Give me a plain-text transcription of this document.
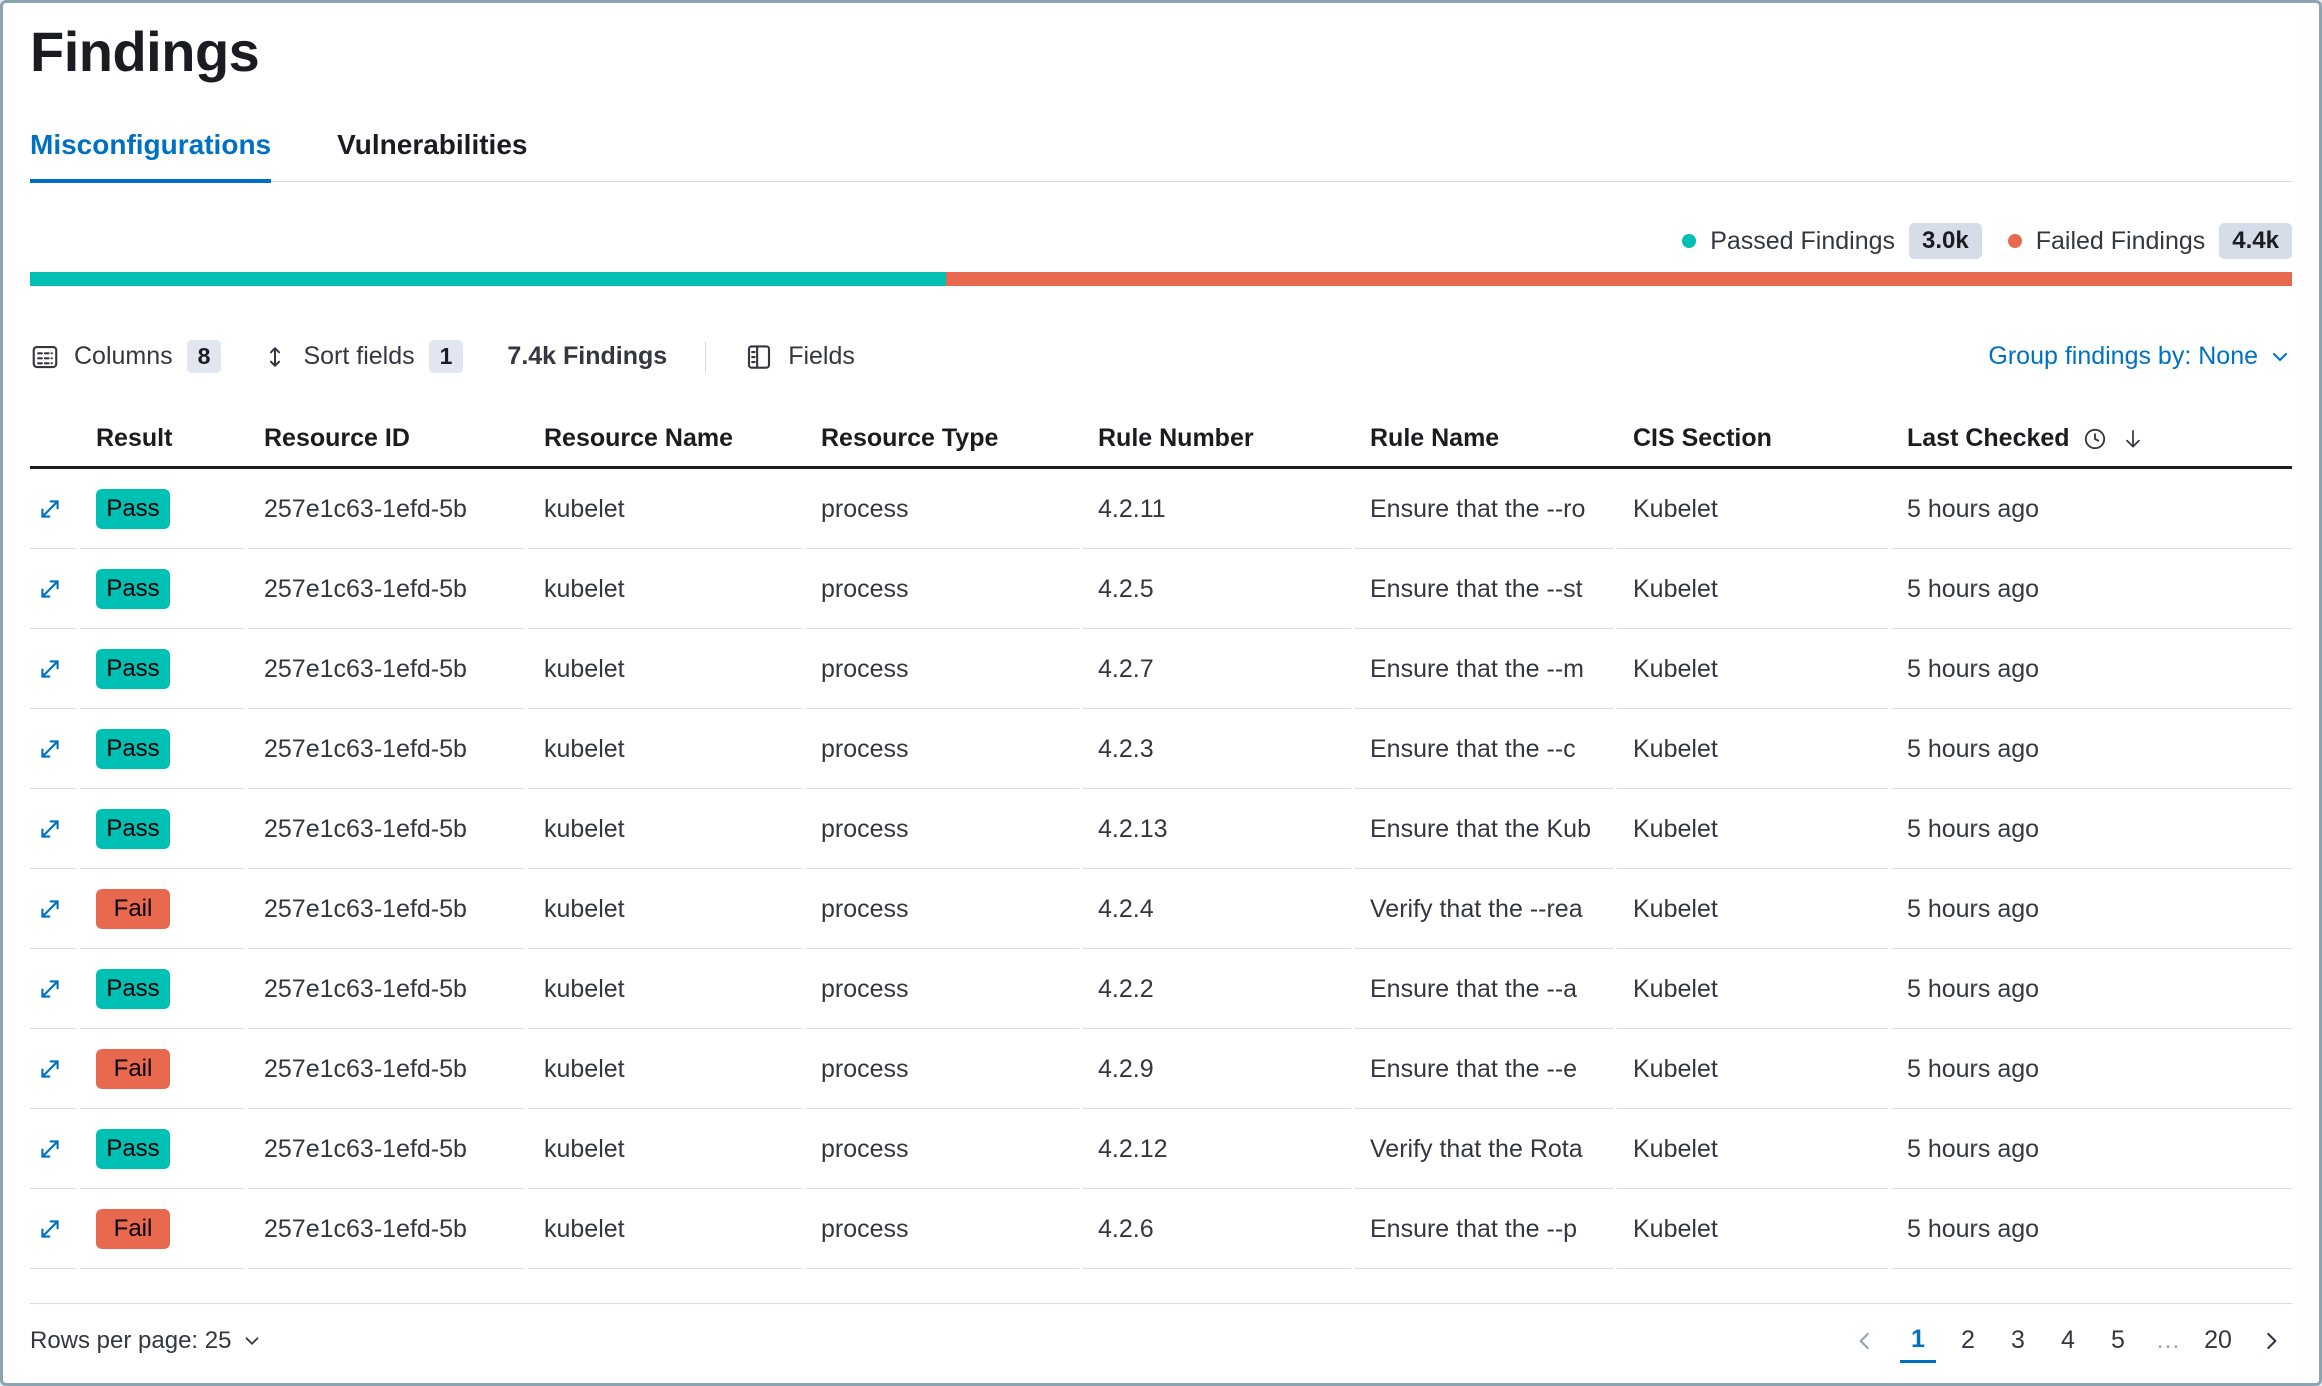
Findings
Misconfigurations Vulnerabilities
Passed Findings	3.0k	Failed Findings	4.4k
Columns	8	Sort fields	1	7.4k Findings	Fields	Group findings by: None
Result	Resource ID	Resource Name	Resource Type	Rule Number	Rule Name	CIS Section	Last Checked
Pass	257e1c63-1efd-5b	kubelet	process	4.2.11	Ensure that the --ro	Kubelet	5 hours ago
Pass	257e1c63-1efd-5b	kubelet	process	4.2.5	Ensure that the --st	Kubelet	5 hours ago
Pass	257e1c63-1efd-5b	kubelet	process	4.2.7	Ensure that the --m	Kubelet	5 hours ago
Pass	257e1c63-1efd-5b	kubelet	process	4.2.3	Ensure that the --c	Kubelet	5 hours ago
Pass	257e1c63-1efd-5b	kubelet	process	4.2.13	Ensure that the Kub	Kubelet	5 hours ago
Fail	257e1c63-1efd-5b	kubelet	process	4.2.4	Verify that the --rea	Kubelet	5 hours ago
Pass	257e1c63-1efd-5b	kubelet	process	4.2.2	Ensure that the --a	Kubelet	5 hours ago
Fail	257e1c63-1efd-5b	kubelet	process	4.2.9	Ensure that the --e	Kubelet	5 hours ago
Pass	257e1c63-1efd-5b	kubelet	process	4.2.12	Verify that the Rota	Kubelet	5 hours ago
Fail	257e1c63-1efd-5b	kubelet	process	4.2.6	Ensure that the --p	Kubelet	5 hours ago
Rows per page: 25	1	2	3	4	5	… 20
